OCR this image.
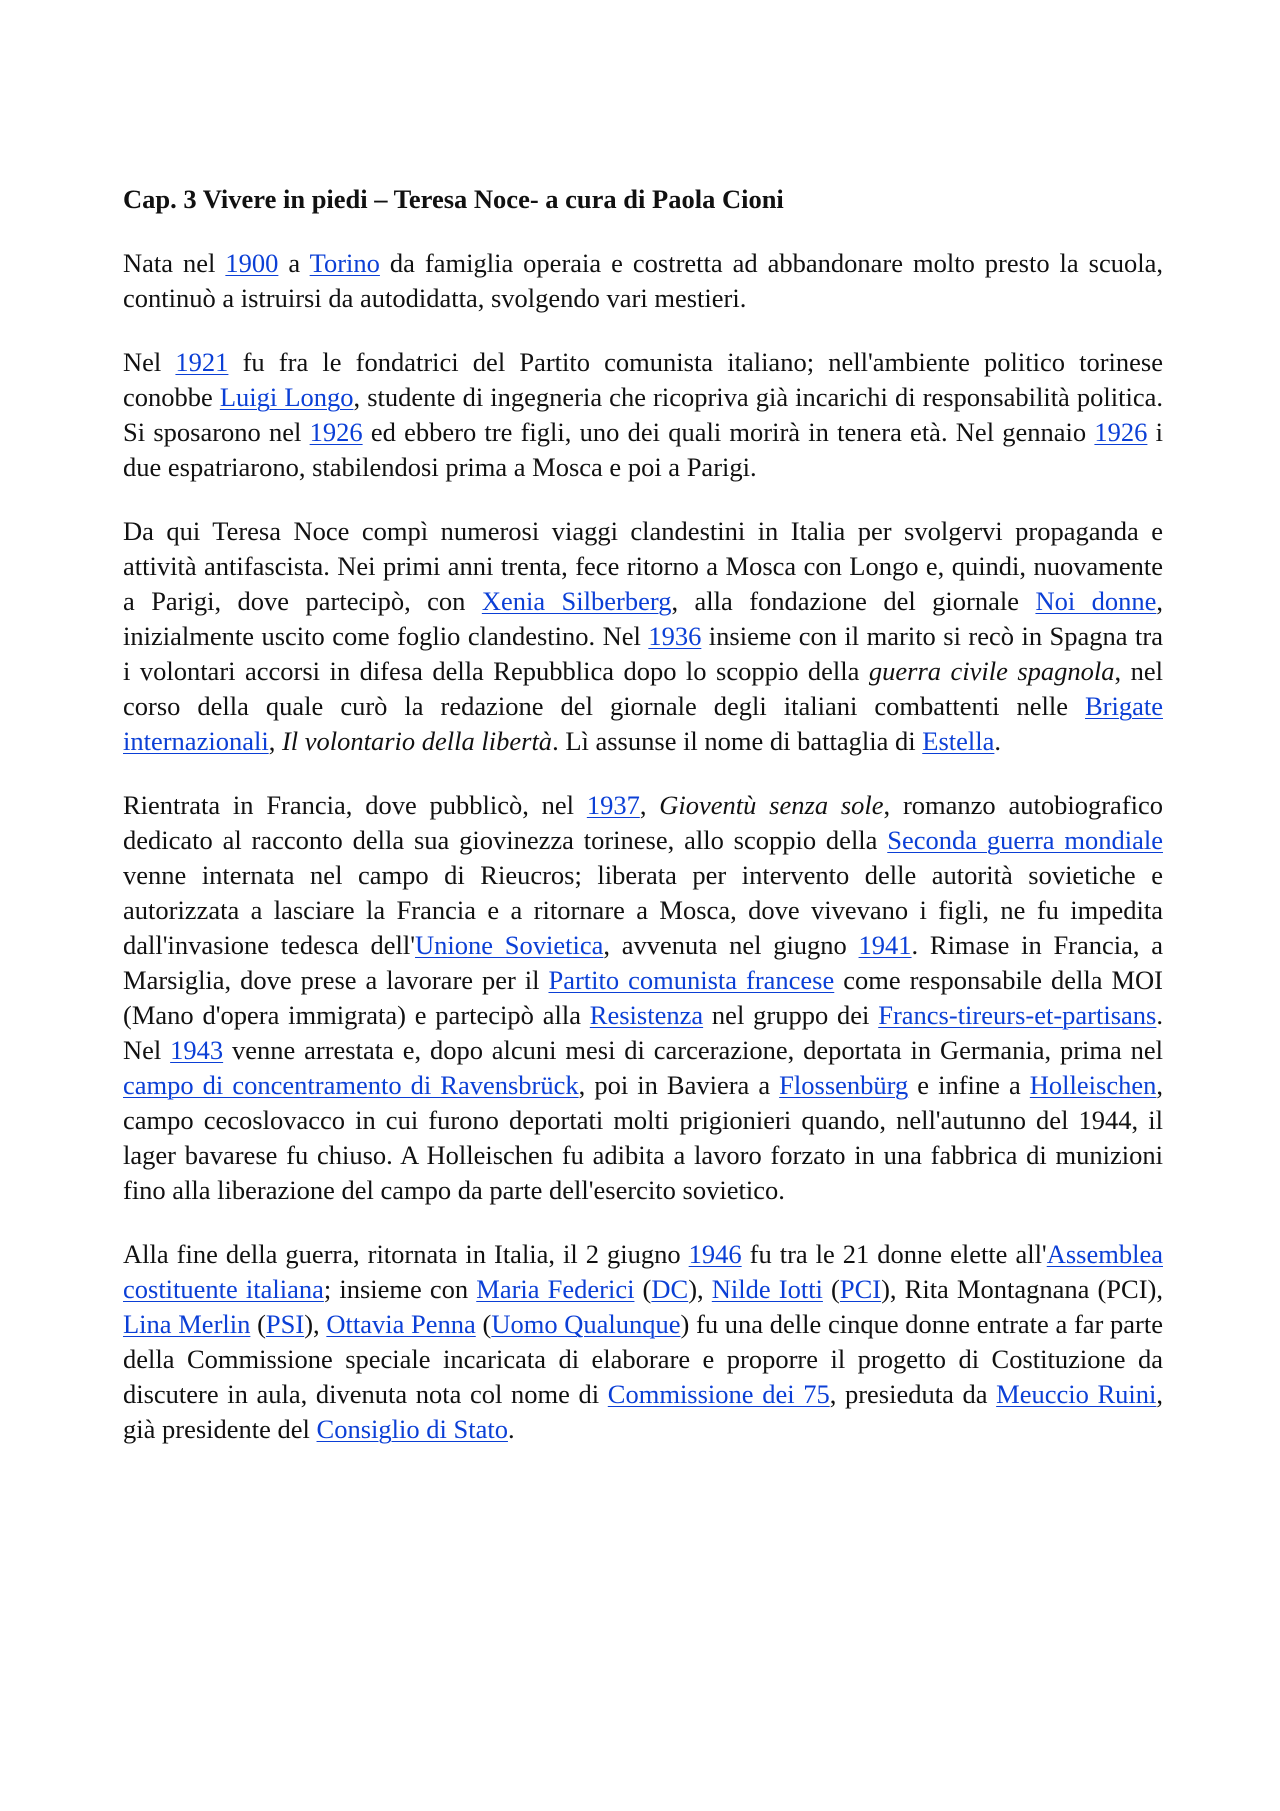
Cap. 3 Vivere in piedi – Teresa Noce- a cura di Paola Cioni

Nata nel 1900 a Torino da famiglia operaia e costretta ad abbandonare molto presto la scuola, continuò a istruirsi da autodidatta, svolgendo vari mestieri.

Nel 1921 fu fra le fondatrici del Partito comunista italiano; nell'ambiente politico torinese conobbe Luigi Longo, studente di ingegneria che ricopriva già incarichi di responsabilità politica. Si sposarono nel 1926 ed ebbero tre figli, uno dei quali morirà in tenera età. Nel gennaio 1926 i due espatriarono, stabilendosi prima a Mosca e poi a Parigi.

Da qui Teresa Noce compì numerosi viaggi clandestini in Italia per svolgervi propaganda e attività antifascista. Nei primi anni trenta, fece ritorno a Mosca con Longo e, quindi, nuovamente a Parigi, dove partecipò, con Xenia Silberberg, alla fondazione del giornale Noi donne, inizialmente uscito come foglio clandestino. Nel 1936 insieme con il marito si recò in Spagna tra i volontari accorsi in difesa della Repubblica dopo lo scoppio della guerra civile spagnola, nel corso della quale curò la redazione del giornale degli italiani combattenti nelle Brigate internazionali, Il volontario della libertà. Lì assunse il nome di battaglia di Estella.

Rientrata in Francia, dove pubblicò, nel 1937, Gioventù senza sole, romanzo autobiografico dedicato al racconto della sua giovinezza torinese, allo scoppio della Seconda guerra mondiale venne internata nel campo di Rieucros; liberata per intervento delle autorità sovietiche e autorizzata a lasciare la Francia e a ritornare a Mosca, dove vivevano i figli, ne fu impedita dall'invasione tedesca dell'Unione Sovietica, avvenuta nel giugno 1941. Rimase in Francia, a Marsiglia, dove prese a lavorare per il Partito comunista francese come responsabile della MOI (Mano d'opera immigrata) e partecipò alla Resistenza nel gruppo dei Francs-tireurs-et-partisans. Nel 1943 venne arrestata e, dopo alcuni mesi di carcerazione, deportata in Germania, prima nel campo di concentramento di Ravensbrück, poi in Baviera a Flossenbürg e infine a Holleischen, campo cecoslovacco in cui furono deportati molti prigionieri quando, nell'autunno del 1944, il lager bavarese fu chiuso. A Holleischen fu adibita a lavoro forzato in una fabbrica di munizioni fino alla liberazione del campo da parte dell'esercito sovietico.

Alla fine della guerra, ritornata in Italia, il 2 giugno 1946 fu tra le 21 donne elette all'Assemblea costituente italiana; insieme con Maria Federici (DC), Nilde Iotti (PCI), Rita Montagnana (PCI), Lina Merlin (PSI), Ottavia Penna (Uomo Qualunque) fu una delle cinque donne entrate a far parte della Commissione speciale incaricata di elaborare e proporre il progetto di Costituzione da discutere in aula, divenuta nota col nome di Commissione dei 75, presieduta da Meuccio Ruini, già presidente del Consiglio di Stato.
